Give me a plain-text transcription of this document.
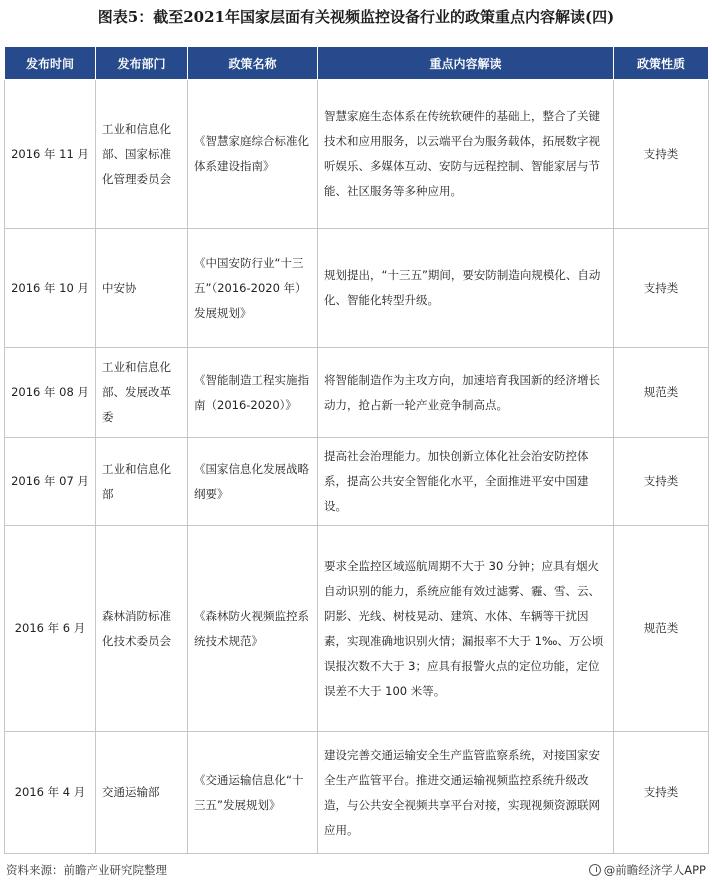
图表5：截至2021年国家层面有关视频监控设备行业的政策重点内容解读(四)
发布时间	发布部门	政策名称	重点内容解读	政策性质
2016 年 11 月	工业和信息化部、国家标准化管理委员会	《智慧家庭综合标准化体系建设指南》	智慧家庭生态体系在传统软硬件的基础上，整合了关键技术和应用服务，以云端平台为服务载体，拓展数字视听娱乐、多媒体互动、安防与远程控制、智能家居与节能、社区服务等多种应用。	支持类
2016 年 10 月	中安协	《中国安防行业“十三五”（2016-2020 年）发展规划》	规划提出，“十三五”期间，要安防制造向规模化、自动化、智能化转型升级。	支持类
2016 年 08 月	工业和信息化部、发展改革委	《智能制造工程实施指南（2016-2020）》	将智能制造作为主攻方向，加速培育我国新的经济增长动力，抢占新一轮产业竞争制高点。	规范类
2016 年 07 月	工业和信息化部	《国家信息化发展战略纲要》	提高社会治理能力。加快创新立体化社会治安防控体系，提高公共安全智能化水平，全面推进平安中国建设。	支持类
2016 年 6 月	森林消防标准化技术委员会	《森林防火视频监控系统技术规范》	要求全监控区域巡航周期不大于 30 分钟；应具有烟火自动识别的能力，系统应能有效过滤雾、霾、雪、云、阴影、光线、树枝晃动、建筑、水体、车辆等干扰因素，实现准确地识别火情；漏报率不大于 1‰、万公顷误报次数不大于 3；应具有报警火点的定位功能，定位误差不大于 100 米等。	规范类
2016 年 4 月	交通运输部	《交通运输信息化“十三五”发展规划》	建设完善交通运输安全生产监管监察系统，对接国家安全生产监管平台。推进交通运输视频监控系统升级改造，与公共安全视频共享平台对接，实现视频资源联网应用。	支持类
资料来源：前瞻产业研究院整理	@前瞻经济学人APP
